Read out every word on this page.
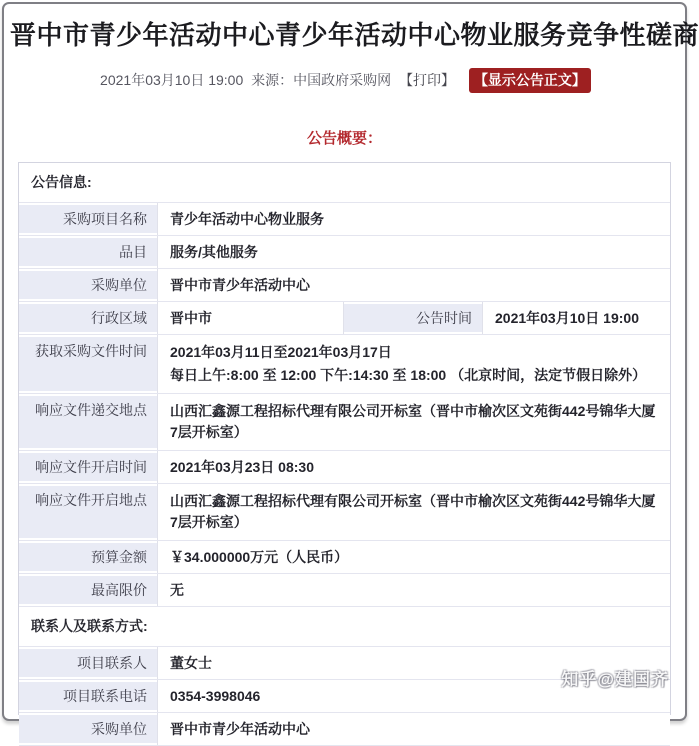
晋中市青少年活动中心青少年活动中心物业服务竞争性磋商
2021年03月10日 19:00 来源：中国政府采购网 【打印】 【显示公告正文】
公告概要：
公告信息:
采购项目名称	青少年活动中心物业服务
品目	服务/其他服务
采购单位	晋中市青少年活动中心
行政区域	晋中市	公告时间	2021年03月10日 19:00
获取采购文件时间	2021年03月11日至2021年03月17日
每日上午:8:00 至 12:00 下午:14:30 至 18:00 （北京时间，法定节假日除外）
响应文件递交地点	山西汇鑫源工程招标代理有限公司开标室（晋中市榆次区文苑街442号锦华大厦7层开标室）
响应文件开启时间	2021年03月23日 08:30
响应文件开启地点	山西汇鑫源工程招标代理有限公司开标室（晋中市榆次区文苑街442号锦华大厦7层开标室）
预算金额	￥34.000000万元（人民币）
最高限价	无
联系人及联系方式:
项目联系人	董女士
项目联系电话	0354-3998046
采购单位	晋中市青少年活动中心
知乎@建国齐
